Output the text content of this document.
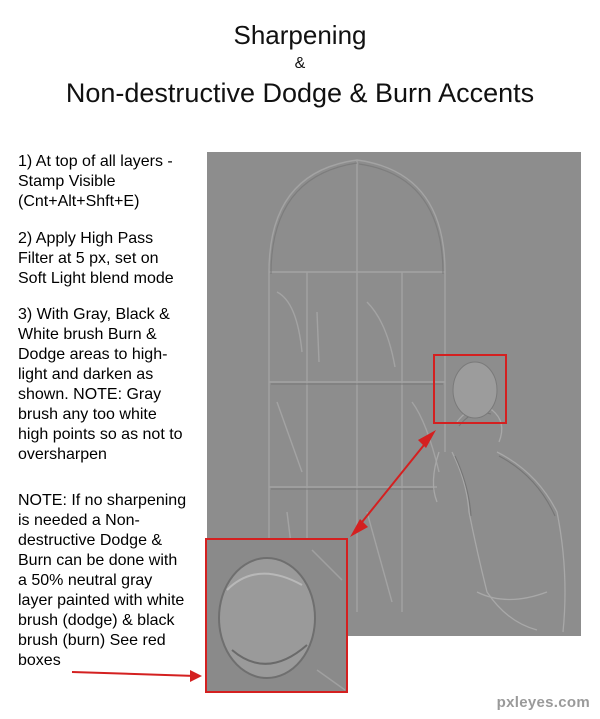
Sharpening
&
Non-destructive Dodge & Burn Accents
1) At top of all layers -
Stamp Visible
(Cnt+Alt+Shft+E)
2) Apply High Pass
Filter at 5 px, set on
Soft Light blend mode
3) With Gray, Black &
White brush Burn &
Dodge areas to high-
light and darken as
shown. NOTE: Gray
brush any too white
high points so as not to
oversharpen
NOTE: If no sharpening
is needed a Non-
destructive Dodge &
Burn can be done with
a 50% neutral gray
layer painted with white
brush (dodge) & black
brush (burn) See red
boxes
pxleyes.com
